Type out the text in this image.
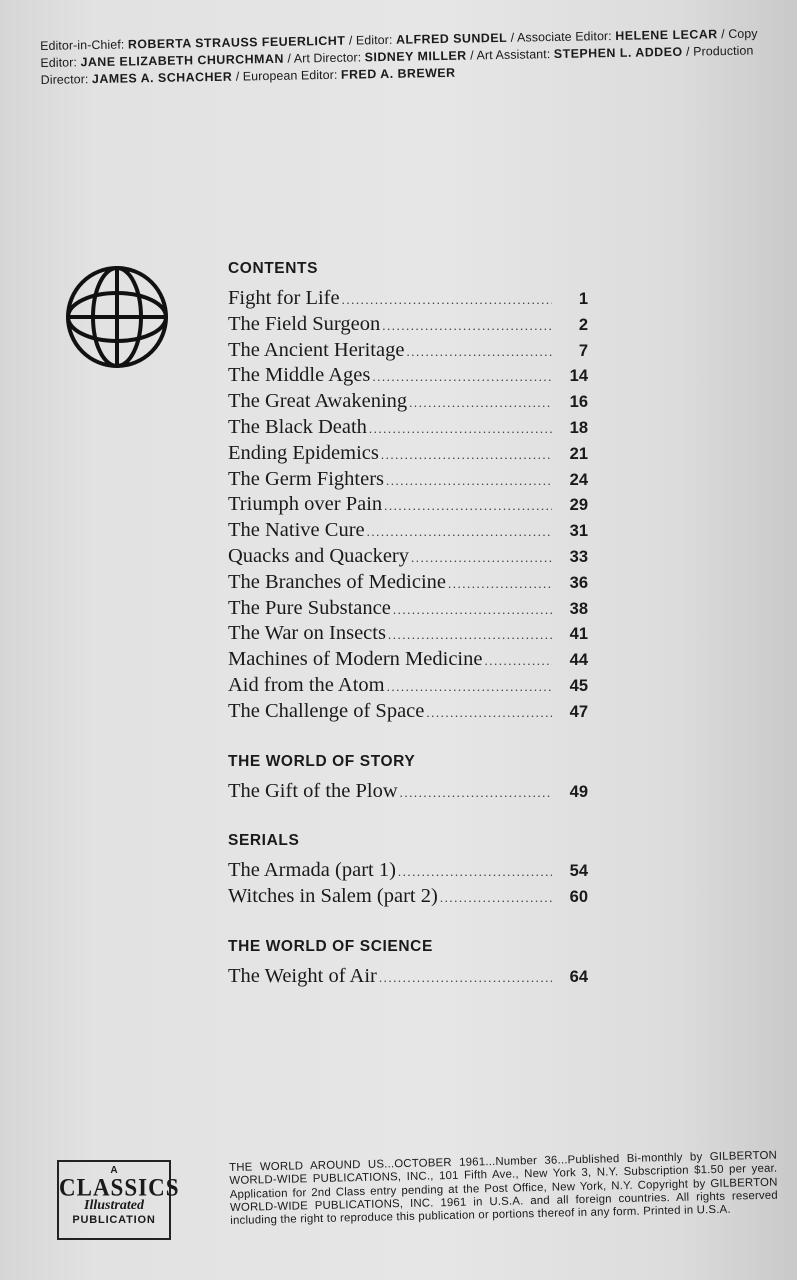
Editor-in-Chief: ROBERTA STRAUSS FEUERLICHT / Editor: ALFRED SUNDEL / Associate Editor: HELENE LECAR / Copy Editor: JANE ELIZABETH CHURCHMAN / Art Director: SIDNEY MILLER / Art Assistant: STEPHEN L. ADDEO / Production Director: JAMES A. SCHACHER / European Editor: FRED A. BREWER
CONTENTS
Fight for Life .....	1
The Field Surgeon .....	2
The Ancient Heritage .....	7
The Middle Ages .....	14
The Great Awakening .....	16
The Black Death .....	18
Ending Epidemics .....	21
The Germ Fighters .....	24
Triumph over Pain .....	29
The Native Cure .....	31
Quacks and Quackery .....	33
The Branches of Medicine .....	36
The Pure Substance .....	38
The War on Insects .....	41
Machines of Modern Medicine .....	44
Aid from the Atom .....	45
The Challenge of Space .....	47
THE WORLD OF STORY
The Gift of the Plow .....	49
SERIALS
The Armada (part 1) .....	54
Witches in Salem (part 2) .....	60
THE WORLD OF SCIENCE
The Weight of Air .....	64
A
CLASSICS
Illustrated
PUBLICATION
THE WORLD AROUND US...OCTOBER 1961...Number 36...Published Bi-monthly by GILBERTON WORLD-WIDE PUBLICATIONS, INC., 101 Fifth Ave., New York 3, N.Y. Subscription $1.50 per year. Application for 2nd Class entry pending at the Post Office, New York, N.Y. Copyright by GILBERTON WORLD-WIDE PUBLICATIONS, INC. 1961 in U.S.A. and all foreign countries. All rights reserved including the right to reproduce this publication or portions thereof in any form. Printed in U.S.A.
